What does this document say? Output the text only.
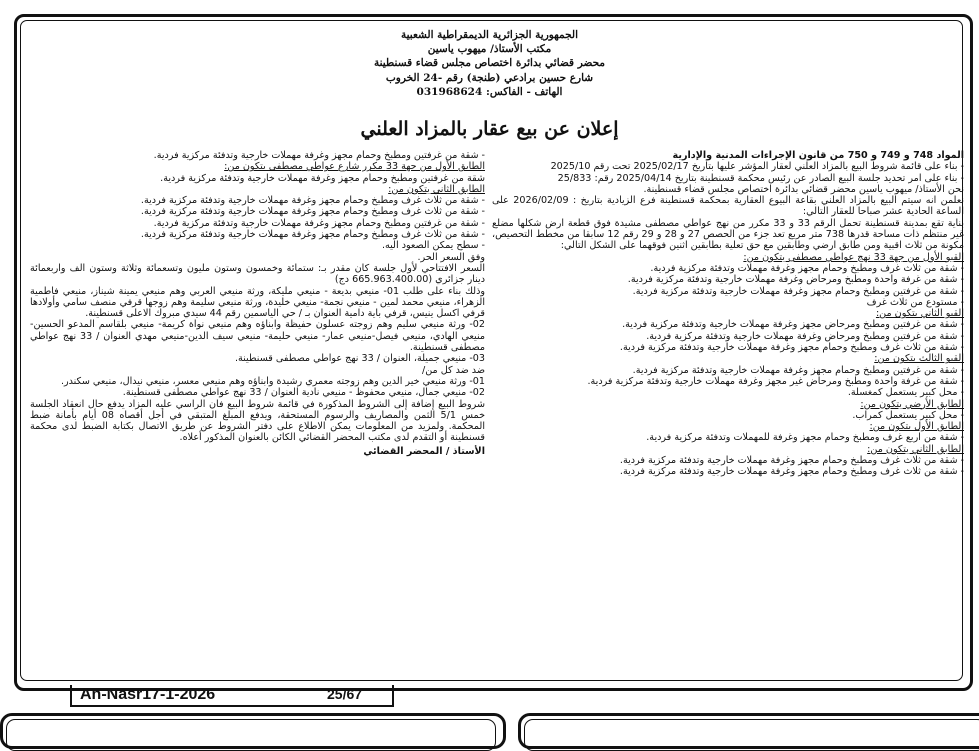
الجمهورية الجزائرية الديمقراطية الشعبية
مكتب الأستاذ/ ميهوب ياسين
محضر قضائي بدائرة اختصاص مجلس قضاء قسنطينة
شارع حسين برادعي (طنجة) رقم -24 الخروب
الهاتف - الفاكس: 031968624
إعلان عن بيع عقار بالمزاد العلني

المواد 748 و 749 و 750 من قانون الإجراءات المدنية والإدارية

- بناء على قائمة شروط البيع بالمزاد العلني لعقار المؤشر عليها بتاريخ 2025/02/17 تحت رقم 2025/10

- بناء على امر تحديد جلسة البيع الصادر عن رئيس محكمة قسنطينة بتاريخ 2025/04/14 رقم: 25/833

نحن الأستاذ/ ميهوب ياسين محضر قضائي بدائرة اختصاص مجلس قضاء قسنطينة.

نعلمن انه سيتم البيع بالمزاد العلني بقاعة البيوع العقارية بمحكمة قسنطينة فرع الزيادية بتاريخ : 2026/02/09 على الساعة الحادية عشر صباحا للعقار التالي:

بناية تقع بمدينة قسنطينة تحمل الرقم 33 و 33 مكرر من نهج عواطي مصطفى مشيدة فوق قطعة ارض شكلها مضلع غير منتظم ذات مساحة قدرها 738 متر مربع تعد جزء من الحصص 27 و 28 و 29 رقم 12 سابقا من مخطط التحصيص، مكونة من ثلاث اقبية ومن طابق ارضي وطابقين مع حق تعلية بطابقين اثنين فوقهما على الشكل التالي:

القبو الأول من جهة 33 نهج عواطي مصطفى يتكون من:

- شقة من ثلاث غرف ومطبخ وحمام مجهز وغرفة مهملات وتدفئة مركزية فردية.

- شقة من غرفة واحدة ومطبخ ومرحاض وغرفة مهملات خارجية وتدفئة مركزية فردية.

- شقة من غرفتين ومطبخ وحمام مجهز وغرفة مهملات خارجية وتدفئة مركزية فردية.

- مستودع من ثلاث غرف

القبو الثاني يتكون من:

- شقة من غرفتين ومطبخ ومرحاض مجهز وغرفة مهملات خارجية وتدفئة مركزية فردية.

- شقة من غرفتين ومطبخ ومرحاض وغرفة مهملات خارجية وتدفئة مركزية فردية.

- شقة من ثلاث غرف ومطبخ وحمام مجهز وغرفة مهملات خارجية وتدفئة مركزية فردية.

القبو الثالث يتكون من:

- شقة من غرفتين ومطبخ وحمام مجهز وغرفة مهملات خارجية وتدفئة مركزية فردية.

- شقة من غرفة واحدة ومطبخ ومرحاض غير مجهز وغرفة مهملات خارجية وتدفئة مركزية فردية.

- محل كبير يستعمل كمغسلة.

الطابق الأرضي يتكون من:

- محل كبير يستعمل كمراب.

الطابق الأول يتكون من:

- شقة من اربع غرف ومطبخ وحمام مجهز وغرفة للمهملات وتدفئة مركزية فردية.

الطابق الثاني يتكون من:

- شقة من ثلاث غرف ومطبخ وحمام مجهز وغرفة مهملات خارجية وتدفئة مركزية فردية.

- شقة من ثلاث غرف ومطبخ وحمام مجهز وغرفة مهملات خارجية وتدفئة مركزية فردية.

- شقة من غرفتين ومطبخ وحمام مجهز وغرفة مهملات خارجية وتدفئة مركزية فردية.

الطابق الأول من جهة 33 مكرر شارع عواطي مصطفى يتكون من:

شقة من غرفتين ومطبخ وحمام مجهز وغرفة مهملات خارجية وتدفئة مركزية فردية.

الطابق الثاني يتكون من:

- شقة من ثلاث غرف ومطبخ وحمام مجهز وغرفة مهملات خارجية وتدفئة مركزية فردية.

- شقة من ثلاث غرف ومطبخ وحمام مجهز وغرفة مهملات خارجية وتدفئة مركزية فردية.

- شقة من غرفتين ومطبخ وحمام مجهز وغرفة مهملات خارجية وتدفئة مركزية فردية.

- شقة من ثلاث غرف ومطبخ وحمام مجهز وغرفة مهملات خارجية وتدفئة مركزية فردية.

- سطح يمكن الصعود اليه.

وفق السعر الحر.

السعر الافتتاحي لأول جلسة كان مقدر بـ: ستمائة وخمسون وستون مليون وتسعمائة وثلاثة وستون الف واربعمائة دينار جزائري (665.963.400.00 دج)

وذلك بناء على طلب 01- منيعي بديعة - منيعي مليكة، ورثة منيعي العربي وهم منيعي يمينة شيناز، منيعي فاطمية الزهراء، منيعي محمد لمين - منيعي نجمة- منيعي خليدة، ورثة منيعي سليمة وهم زوجها قرفي منصف سامي وأولادها قرفي اكسل ينيس، قرفي باية دامية العنوان بـ / حي الياسمين رقم 44 سيدي مبروك الاعلى قسنطينة.

02- ورثة منيعي سليم وهم زوجته عسلون حفيظة وابناؤه وهم منيعي نواة كريمة- منيعي بلقاسم المدعو الحسين- منيعي الهادي، منيعي فيصل-منيعي عمار- منيعي حليمة- منيعي سيف الدين-منيعي مهدي العنوان / 33 نهج عواطي مصطفى قسنطينة.

03- منيعي جميلة، العنوان / 33 نهج عواطي مصطفى قسنطينة.

ضد ضد كل من/

01- ورثة منيعي خير الدين وهم زوجته معمري رشيدة وابناؤه وهم منيعي معسر، منيعي نيدال، منيعي سكندر.

02- منيعي جمال، منيعي محفوظ - منيعي نادية العنوان / 33 نهج عواطي مصطفى قسنطينة.

شروط البيع إضافة إلى الشروط المذكورة في قائمة شروط البيع فان الراسي عليه المزاد يدفع حال انعقاد الجلسة خمس 5/1 الثمن والمصاريف والرسوم المستحقة، ويدفع المبلغ المتبقي في أجل أقصاه 08 أيام بأمانة ضبط المحكمة. ولمزيد من المعلومات يمكن الاطلاع على دفتر الشروط عن طريق الاتصال بكتابة الضبط لدى محكمة قسنطينة أو التقدم لدى مكتب المحضر القضائي الكائن بالعنوان المذكور أعلاه.

الأستاذ / المحضر القضائي

An-Nasr17-1-2026	25/67
